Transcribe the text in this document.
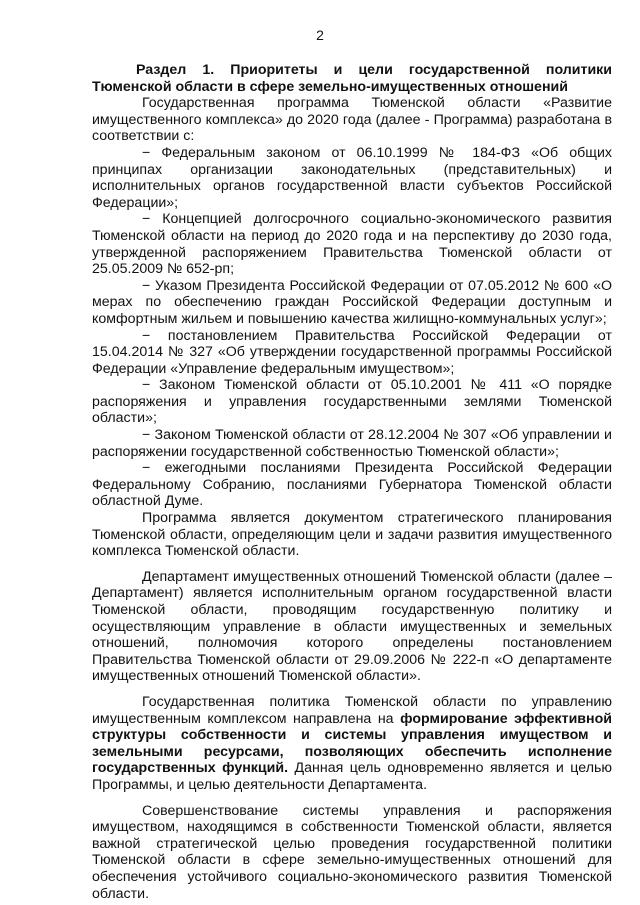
2

Раздел 1. Приоритеты и цели государственной политики Тюменской области в сфере земельно-имущественных отношений

Государственная программа Тюменской области «Развитие имущественного комплекса» до 2020 года (далее - Программа) разработана в соответствии с:

− Федеральным законом от 06.10.1999 № 184-ФЗ «Об общих принципах организации законодательных (представительных) и исполнительных органов государственной власти субъектов Российской Федерации»;

− Концепцией долгосрочного социально-экономического развития Тюменской области на период до 2020 года и на перспективу до 2030 года, утвержденной распоряжением Правительства Тюменской области от 25.05.2009 № 652-рп;

− Указом Президента Российской Федерации от 07.05.2012 № 600 «О мерах по обеспечению граждан Российской Федерации доступным и комфортным жильем и повышению качества жилищно-коммунальных услуг»;

− постановлением Правительства Российской Федерации от 15.04.2014 № 327 «Об утверждении государственной программы Российской Федерации «Управление федеральным имуществом»;

− Законом Тюменской области от 05.10.2001 № 411 «О порядке распоряжения и управления государственными землями Тюменской области»;

− Законом Тюменской области от 28.12.2004 № 307 «Об управлении и распоряжении государственной собственностью Тюменской области»;

− ежегодными посланиями Президента Российской Федерации Федеральному Собранию, посланиями Губернатора Тюменской области областной Думе.

Программа является документом стратегического планирования Тюменской области, определяющим цели и задачи развития имущественного комплекса Тюменской области.

Департамент имущественных отношений Тюменской области (далее – Департамент) является исполнительным органом государственной власти Тюменской области, проводящим государственную политику и осуществляющим управление в области имущественных и земельных отношений, полномочия которого определены постановлением Правительства Тюменской области от 29.09.2006 № 222-п «О департаменте имущественных отношений Тюменской области».

Государственная политика Тюменской области по управлению имущественным комплексом направлена на формирование эффективной структуры собственности и системы управления имуществом и земельными ресурсами, позволяющих обеспечить исполнение государственных функций. Данная цель одновременно является и целью Программы, и целью деятельности Департамента.

Совершенствование системы управления и распоряжения имуществом, находящимся в собственности Тюменской области, является важной стратегической целью проведения государственной политики Тюменской области в сфере земельно-имущественных отношений для обеспечения устойчивого социально-экономического развития Тюменской области.
